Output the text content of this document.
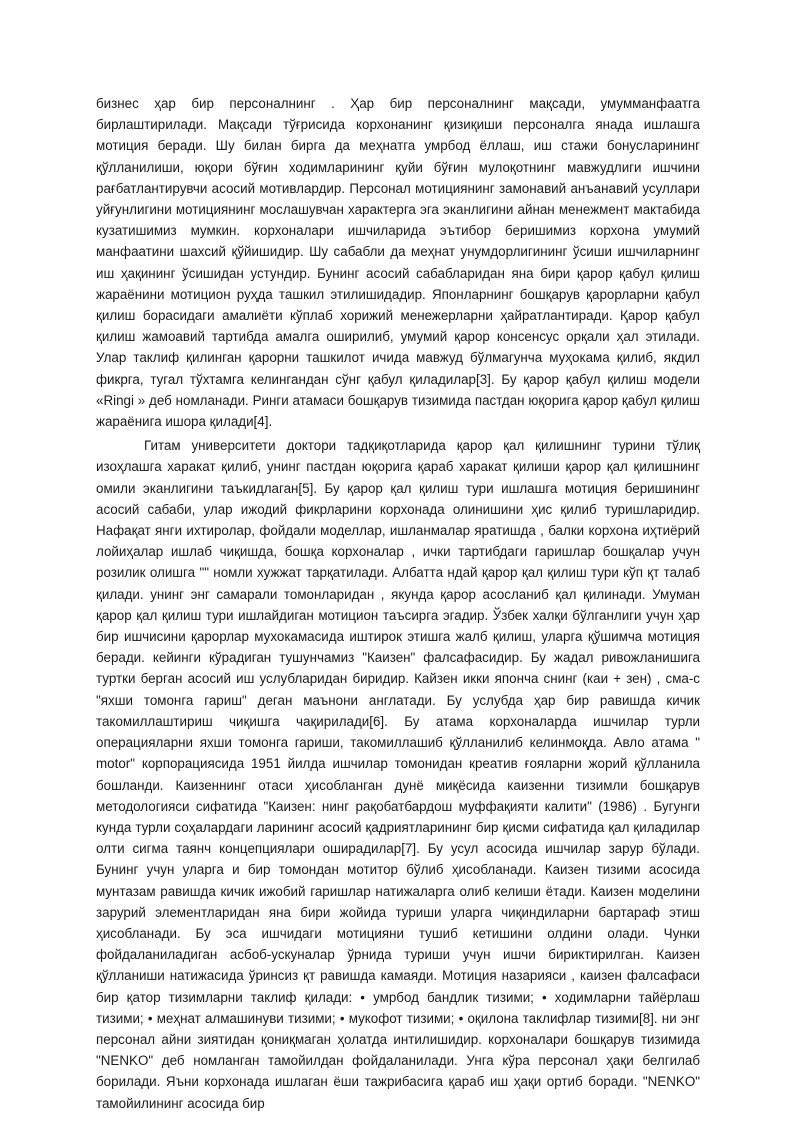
бизнес ҳар бир персоналнинг . Ҳар бир персоналнинг мақсади, умумманфаатга бирлаштирилади. Мақсади тўғрисида корхонанинг қизиқиши персоналга янада ишлашга мотиция беради. Шу билан бирга да меҳнатга умрбод ёллаш, иш стажи бонусларининг қўлланилиши, юқори бўғин ходимларининг қуйи бўғин мулоқотнинг мавжудлиги ишчини рағбатлантирувчи асосий мотивлардир. Персонал мотициянинг замонавий анъанавий усуллари уйғунлигини мотициянинг мослашувчан характерга эга эканлигини айнан менежмент мактабида кузатишимиз мумкин. корхоналари ишчиларида эътибор беришимиз корхона умумий манфаатини шахсий қўйишидир. Шу сабабли да меҳнат унумдорлигининг ўсиши ишчиларнинг иш ҳақининг ўсишидан устундир. Бунинг асосий сабабларидан яна бири қарор қабул қилиш жараёнини мотицион руҳда ташкил этилишидадир. Японларнинг бошқарув қарорларни қабул қилиш борасидаги амалиёти кўплаб хорижий менежерларни ҳайратлантиради. Қарор қабул қилиш жамоавий тартибда амалга оширилиб, умумий қарор консенсус орқали ҳал этилади. Улар таклиф қилинган қарорни ташкилот ичида мавжуд бўлмагунча муҳокама қилиб, якдил фикрга, тугал тўхтамга келингандан сўнг қабул қиладилар[3]. Бу қарор қабул қилиш модели «Ringi » деб номланади. Ринги атамаси бошқарув тизимида пастдан юқорига қарор қабул қилиш жараёнига ишора қилади[4].

Гитам университети доктори тадқиқотларида қарор қал қилишнинг турини тўлиқ изоҳлашга харакат қилиб, унинг пастдан юқорига қараб харакат қилиши қарор қал қилишнинг омили эканлигини таъкидлаган[5]. Бу қарор қал қилиш тури ишлашга мотиция беришининг асосий сабаби, улар ижодий фикрларини корхонада олинишини ҳис қилиб туришларидир. Нафақат янги ихтиролар, фойдали моделлар, ишланмалар яратишда , балки корхона иҳтиёрий лойиҳалар ишлаб чиқишда, бошқа корхоналар , ички тартибдаги гаришлар бошқалар учун розилик олишга "" номли хужжат тарқатилади. Албатта ндай қарор қал қилиш тури кўп қт талаб қилади. унинг энг самарали томонларидан , якунда қарор асосланиб қал қилинади. Умуман қарор қал қилиш тури ишлайдиган мотицион таъсирга эгадир. Ўзбек халқи бўлганлиги учун ҳар бир ишчисини қарорлар мухокамасида иштирок этишга жалб қилиш, уларга қўшимча мотиция беради. кейинги кўрадиган тушунчамиз "Каизен" фалсафасидир. Бу жадал ривожланишига туртки берган асосий иш услубларидан биридир. Кайзен икки японча снинг (каи + зен) , сма-с "яхши томонга гариш" деган маънони англатади. Бу услубда ҳар бир равишда кичик такомиллаштириш чиқишга чақирилади[6]. Бу атама корхоналарда ишчилар турли операцияларни яхши томонга гариши, такомиллашиб қўлланилиб келинмоқда. Авло атама " motor" корпорациясида 1951 йилда ишчилар томонидан креатив ғояларни жорий қўлланила бошланди. Каизеннинг отаси ҳисобланган дунё миқёсида каизенни тизимли бошқарув методологияси сифатида "Каизен: нинг рақобатбардош муффақияти калити" (1986) . Бугунги кунда турли соҳалардаги ларининг асосий қадриятларининг бир қисми сифатида қал қиладилар олти сигма таянч концепциялари оширадилар[7]. Бу усул асосида ишчилар зарур бўлади. Бунинг учун уларга и бир томондан мотитор бўлиб ҳисобланади. Каизен тизими асосида мунтазам равишда кичик ижобий гаришлар натижаларга олиб келиши ётади. Каизен моделини зарурий элементларидан яна бири жойида туриши уларга чиқиндиларни бартараф этиш ҳисобланади. Бу эса ишчидаги мотицияни тушиб кетишини олдини олади. Чунки фойдаланиладиган асбоб-ускуналар ўрнида туриши учун ишчи бириктирилган. Каизен қўлланиши натижасида ўринсиз қт равишда камаяди. Мотиция назарияси , каизен фалсафаси бир қатор тизимларни таклиф қилади: • умрбод бандлик тизими; • ходимларни тайёрлаш тизими; • меҳнат алмашинуви тизими; • мукофот тизими; • оқилона таклифлар тизими[8]. ни энг персонал айни зиятидан қониқмаган ҳолатда интилишидир. корхоналари бошқарув тизимида "NENKO" деб номланган тамойилдан фойдаланилади. Унга кўра персонал ҳақи белгилаб борилади. Яъни корхонада ишлаган ёши тажрибасига қараб иш ҳақи ортиб боради. "NENKO" тамойилининг асосида бир
